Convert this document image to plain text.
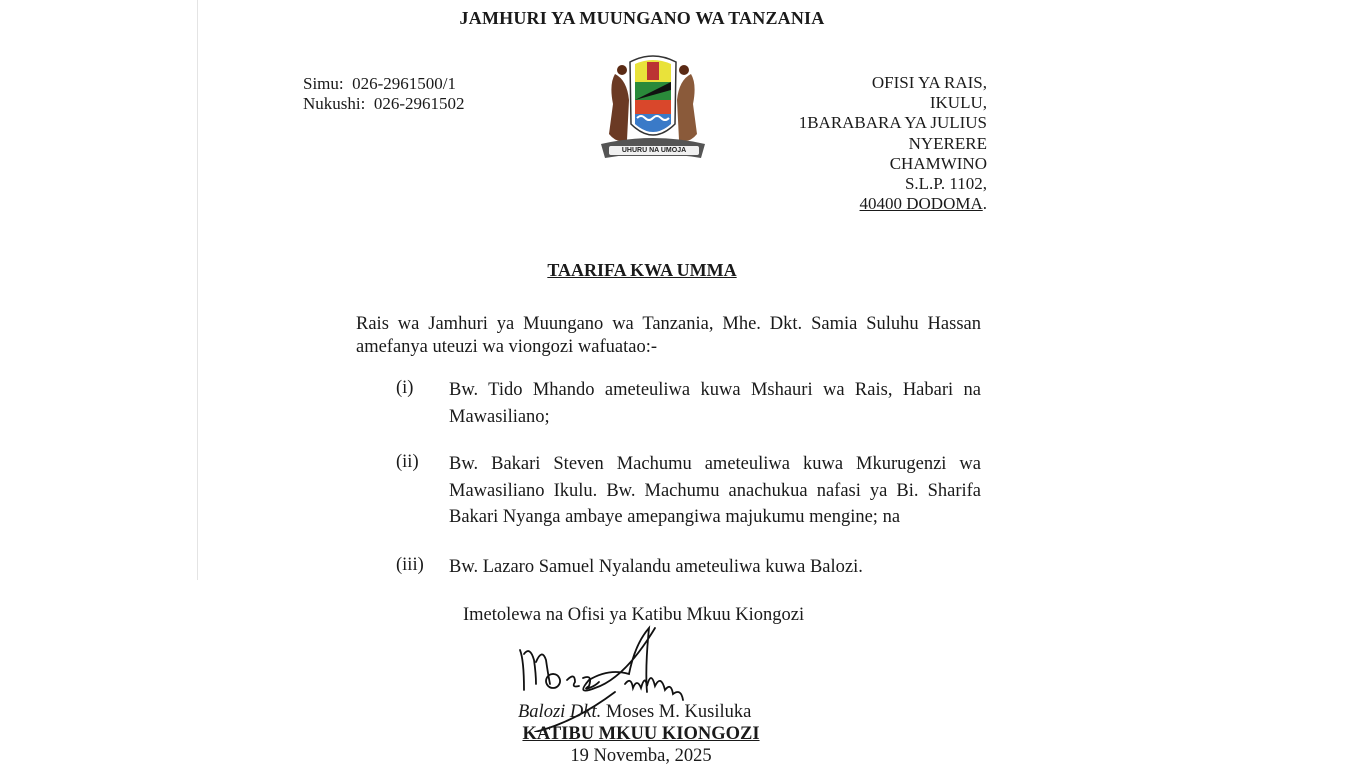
JAMHURI YA MUUNGANO WA TANZANIA
Simu: 026-2961500/1
Nukushi: 026-2961502
UHURU NA UMOJA
OFISI YA RAIS,
IKULU,
1BARABARA YA JULIUS
NYERERE
CHAMWINO
S.L.P. 1102,
40400 DODOMA.
TAARIFA KWA UMMA
Rais wa Jamhuri ya Muungano wa Tanzania, Mhe. Dkt. Samia Suluhu Hassan amefanya uteuzi wa viongozi wafuatao:-
(i) Bw. Tido Mhando ameteuliwa kuwa Mshauri wa Rais, Habari na Mawasiliano;
(ii) Bw. Bakari Steven Machumu ameteuliwa kuwa Mkurugenzi wa Mawasiliano Ikulu. Bw. Machumu anachukua nafasi ya Bi. Sharifa Bakari Nyanga ambaye amepangiwa majukumu mengine; na
(iii) Bw. Lazaro Samuel Nyalandu ameteuliwa kuwa Balozi.
Imetolewa na Ofisi ya Katibu Mkuu Kiongozi
Balozi Dkt. Moses M. Kusiluka
KATIBU MKUU KIONGOZI
19 Novemba, 2025
